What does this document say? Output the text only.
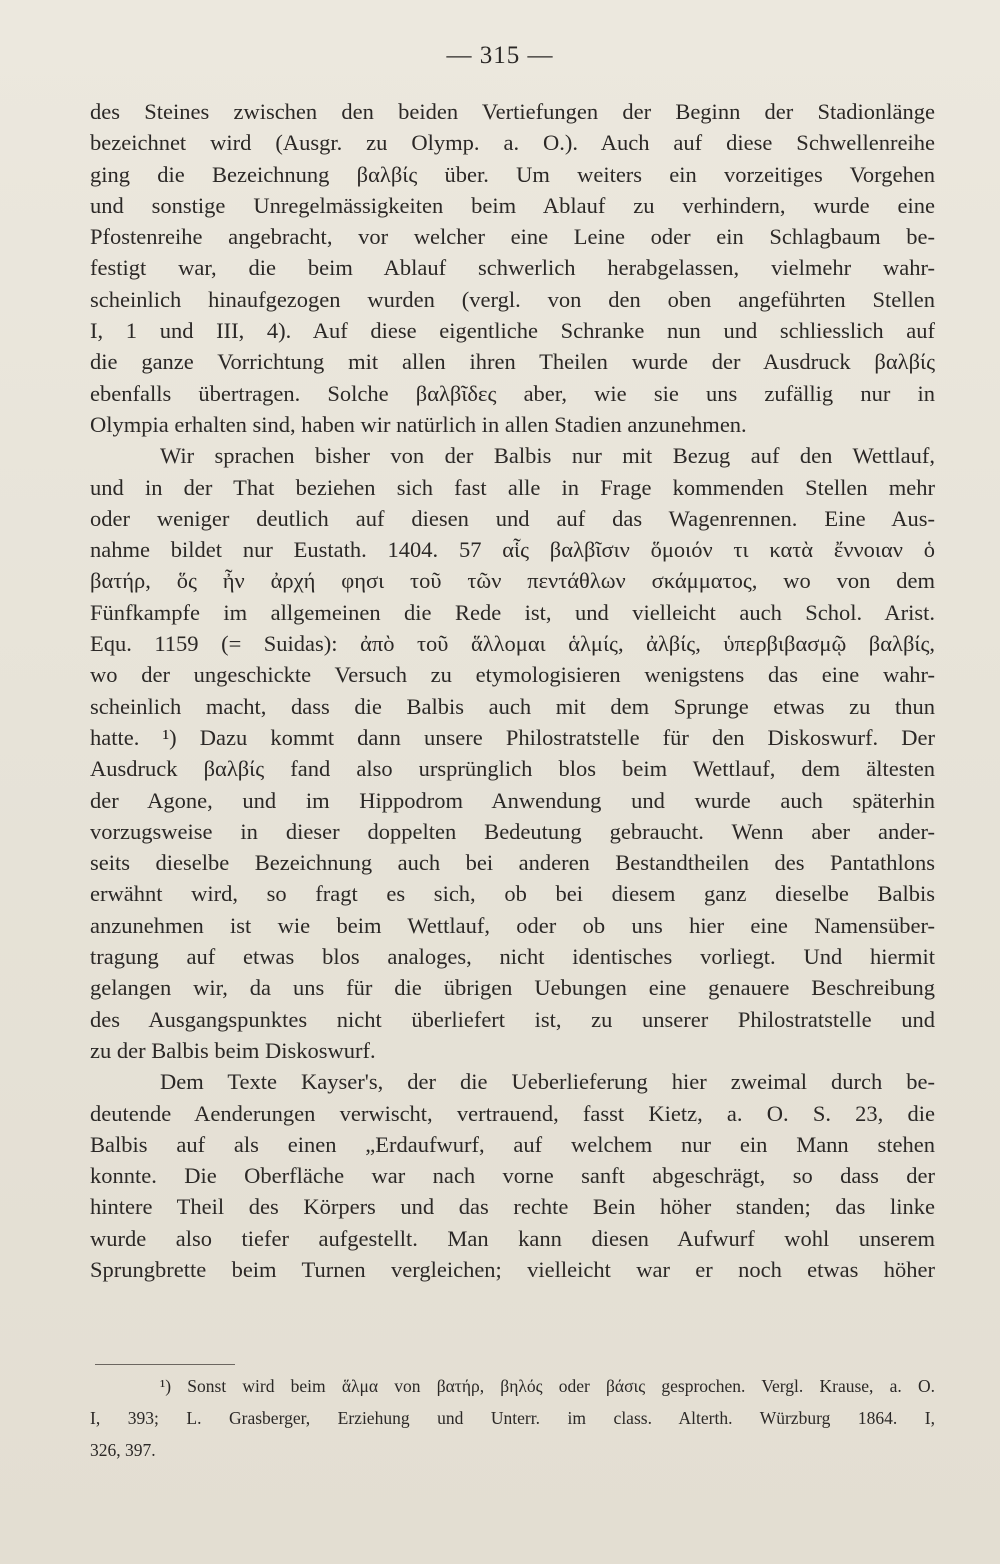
— 315 —
des Steines zwischen den beiden Vertiefungen der Beginn der Stadionlänge
bezeichnet wird (Ausgr. zu Olymp. a. O.). Auch auf diese Schwellenreihe
ging die Bezeichnung βαλβίς über. Um weiters ein vorzeitiges Vorgehen
und sonstige Unregelmässigkeiten beim Ablauf zu verhindern, wurde eine
Pfostenreihe angebracht, vor welcher eine Leine oder ein Schlagbaum be-
festigt war, die beim Ablauf schwerlich herabgelassen, vielmehr wahr-
scheinlich hinaufgezogen wurden (vergl. von den oben angeführten Stellen
I, 1 und III, 4). Auf diese eigentliche Schranke nun und schliesslich auf
die ganze Vorrichtung mit allen ihren Theilen wurde der Ausdruck βαλβίς
ebenfalls übertragen. Solche βαλβῖδες aber, wie sie uns zufällig nur in
Olympia erhalten sind, haben wir natürlich in allen Stadien anzunehmen.
Wir sprachen bisher von der Balbis nur mit Bezug auf den Wettlauf,
und in der That beziehen sich fast alle in Frage kommenden Stellen mehr
oder weniger deutlich auf diesen und auf das Wagenrennen. Eine Aus-
nahme bildet nur Eustath. 1404. 57 αἷς βαλβῖσιν ὅμοιόν τι κατὰ ἔννοιαν ὁ
βατήρ, ὅς ἦν ἀρχή φησι τοῦ τῶν πεντάθλων σκάμματος, wo von dem
Fünfkampfe im allgemeinen die Rede ist, und vielleicht auch Schol. Arist.
Equ. 1159 (= Suidas): ἀπὸ τοῦ ἅλλομαι ἁλμίς, ἀλβίς, ὑπερβιβασμῷ βαλβίς,
wo der ungeschickte Versuch zu etymologisieren wenigstens das eine wahr-
scheinlich macht, dass die Balbis auch mit dem Sprunge etwas zu thun
hatte. ¹) Dazu kommt dann unsere Philostratstelle für den Diskoswurf. Der
Ausdruck βαλβίς fand also ursprünglich blos beim Wettlauf, dem ältesten
der Agone, und im Hippodrom Anwendung und wurde auch späterhin
vorzugsweise in dieser doppelten Bedeutung gebraucht. Wenn aber ander-
seits dieselbe Bezeichnung auch bei anderen Bestandtheilen des Pantathlons
erwähnt wird, so fragt es sich, ob bei diesem ganz dieselbe Balbis
anzunehmen ist wie beim Wettlauf, oder ob uns hier eine Namensüber-
tragung auf etwas blos analoges, nicht identisches vorliegt. Und hiermit
gelangen wir, da uns für die übrigen Uebungen eine genauere Beschreibung
des Ausgangspunktes nicht überliefert ist, zu unserer Philostratstelle und
zu der Balbis beim Diskoswurf.
Dem Texte Kayser's, der die Ueberlieferung hier zweimal durch be-
deutende Aenderungen verwischt, vertrauend, fasst Kietz, a. O. S. 23, die
Balbis auf als einen „Erdaufwurf, auf welchem nur ein Mann stehen
konnte. Die Oberfläche war nach vorne sanft abgeschrägt, so dass der
hintere Theil des Körpers und das rechte Bein höher standen; das linke
wurde also tiefer aufgestellt. Man kann diesen Aufwurf wohl unserem
Sprungbrette beim Turnen vergleichen; vielleicht war er noch etwas höher
¹) Sonst wird beim ἅλμα von βατήρ, βηλός oder βάσις gesprochen. Vergl. Krause, a. O.
I, 393; L. Grasberger, Erziehung und Unterr. im class. Alterth. Würzburg 1864. I,
326, 397.
